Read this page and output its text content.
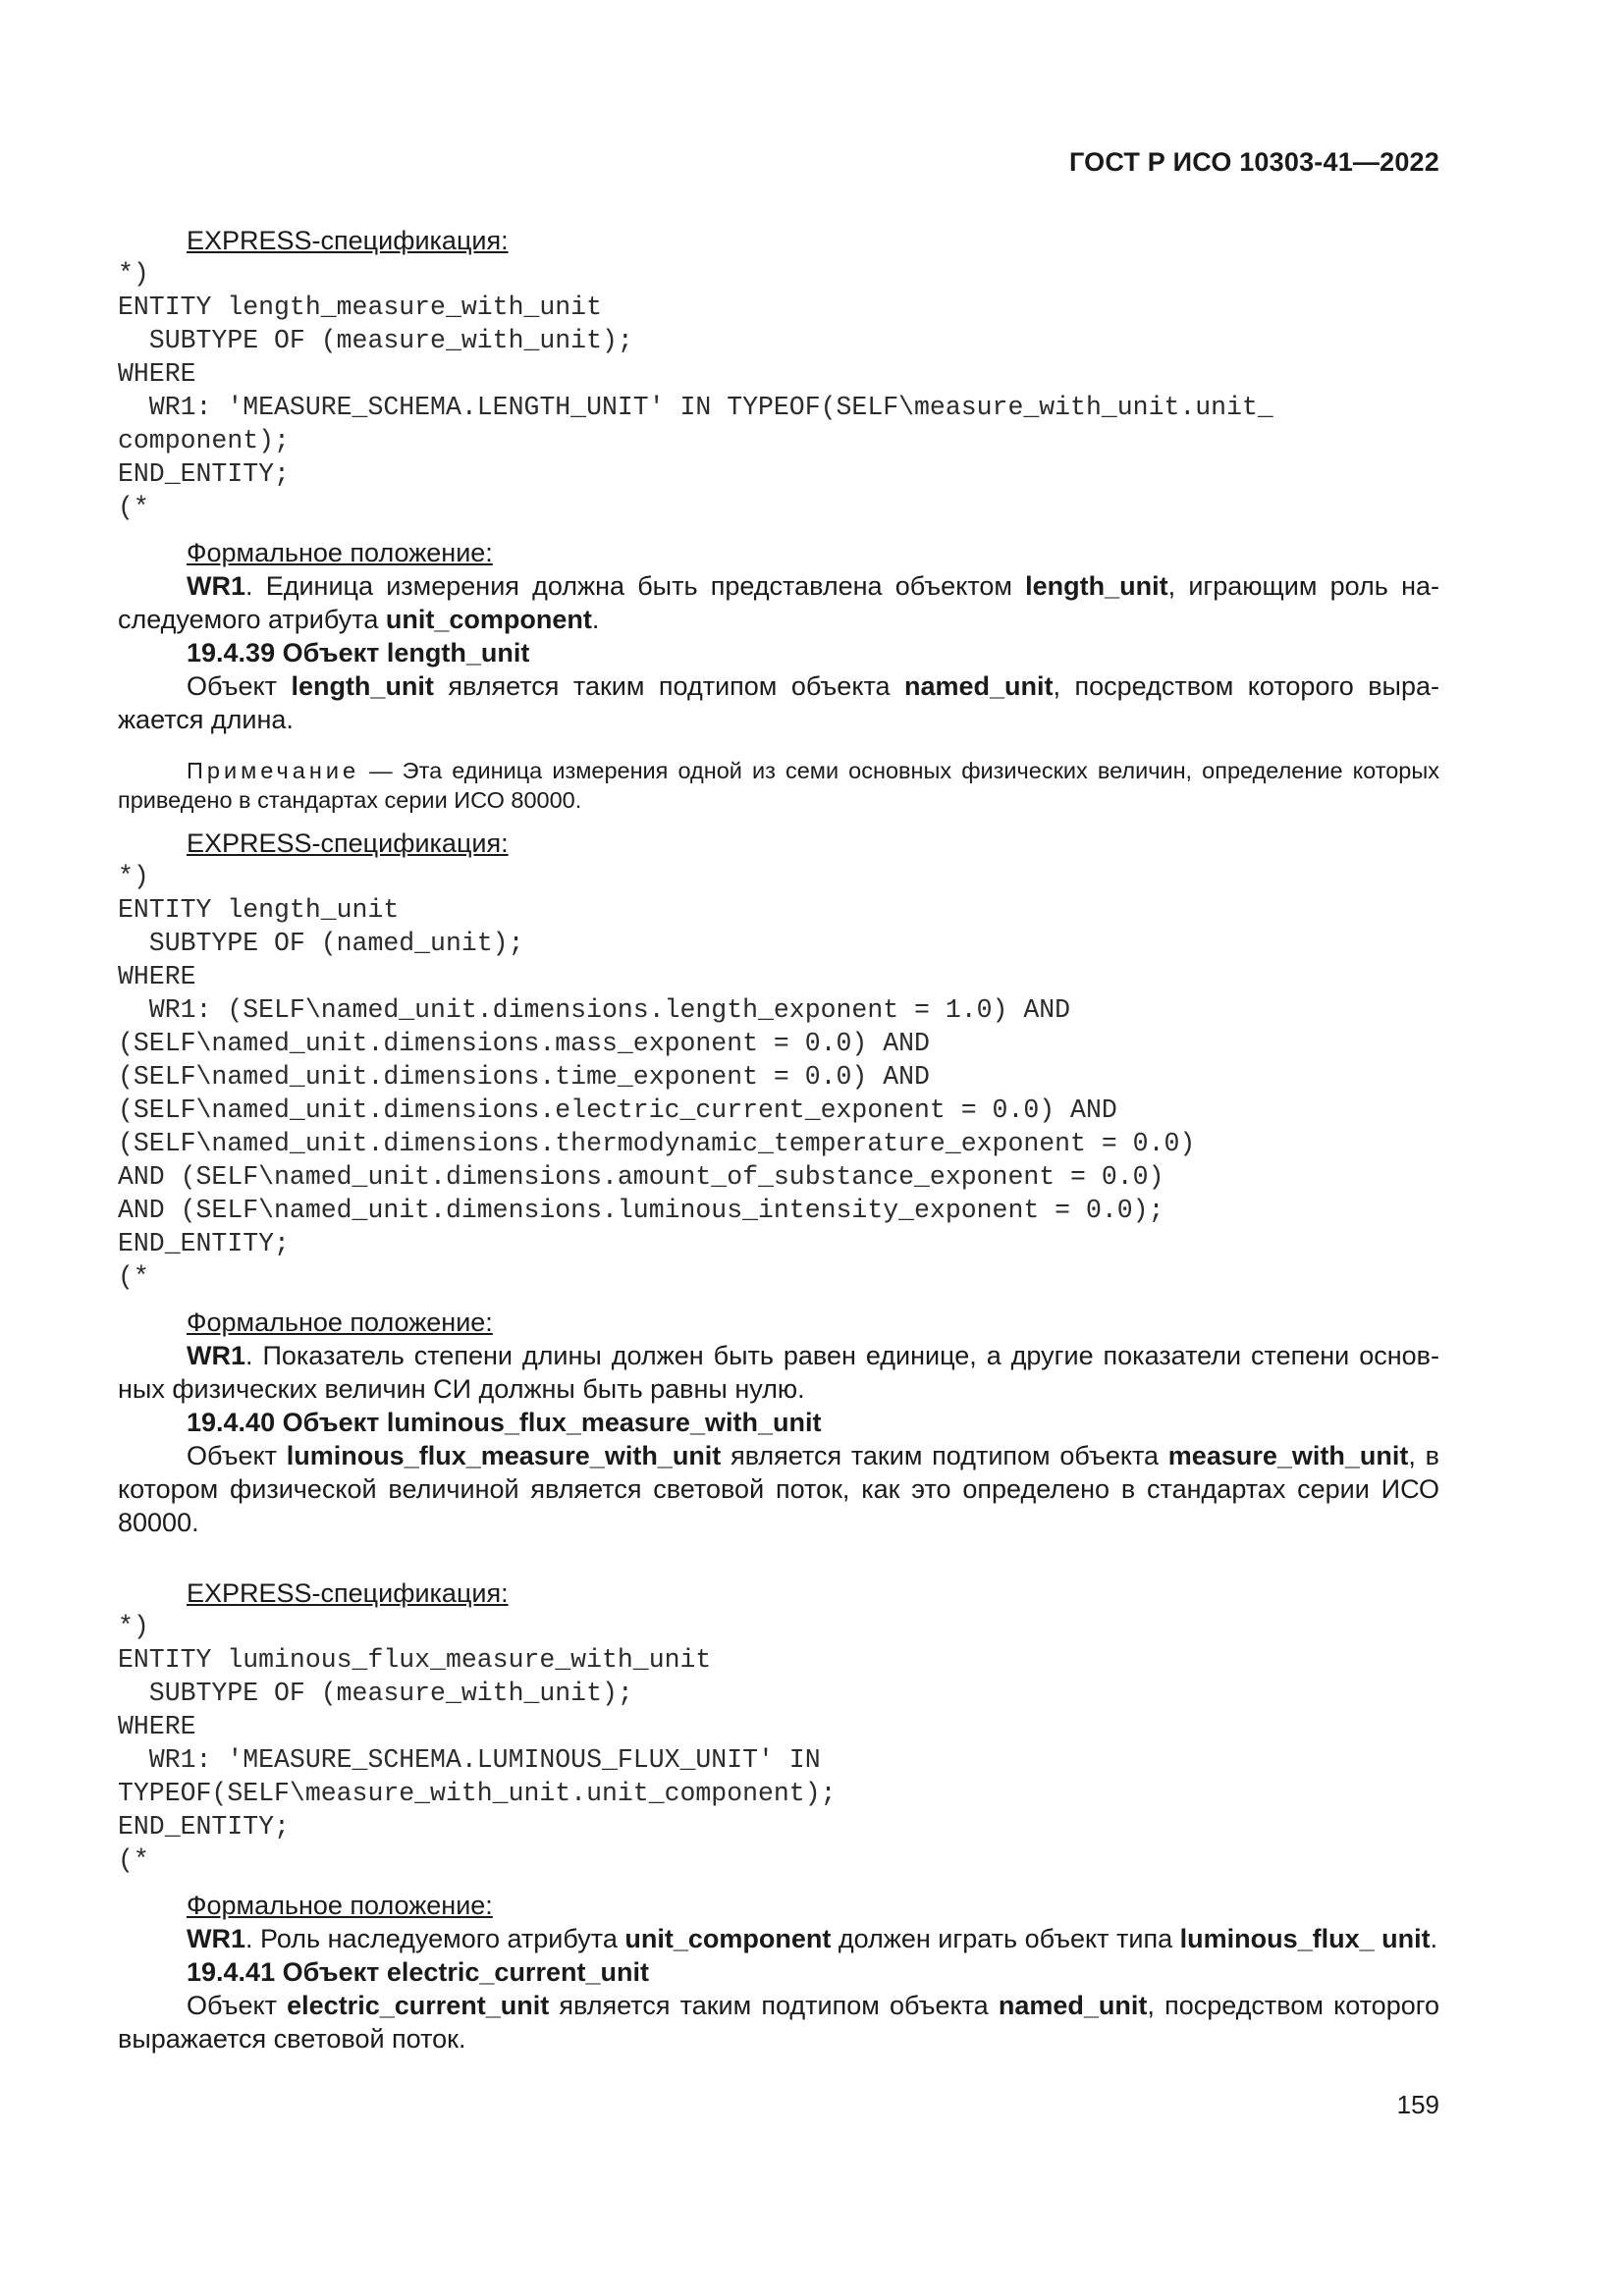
ГОСТ Р ИСО 10303-41—2022

EXPRESS-спецификация:

*)
ENTITY length_measure_with_unit
SUBTYPE OF (measure_with_unit);
WHERE
WR1: 'MEASURE_SCHEMA.LENGTH_UNIT' IN TYPEOF(SELF\measure_with_unit.unit_
component);
END_ENTITY;
(*

Формальное положение:

WR1. Единица измерения должна быть представлена объектом length_unit, играющим роль наследуемого атрибута unit_component.

19.4.39 Объект length_unit

Объект length_unit является таким подтипом объекта named_unit, посредством которого выражается длина.

Примечание — Эта единица измерения одной из семи основных физических величин, определение которых приведено в стандартах серии ИСО 80000.

EXPRESS-спецификация:

*)
ENTITY length_unit
SUBTYPE OF (named_unit);
WHERE
WR1: (SELF\named_unit.dimensions.length_exponent = 1.0) AND
(SELF\named_unit.dimensions.mass_exponent = 0.0) AND
(SELF\named_unit.dimensions.time_exponent = 0.0) AND
(SELF\named_unit.dimensions.electric_current_exponent = 0.0) AND
(SELF\named_unit.dimensions.thermodynamic_temperature_exponent = 0.0)
AND (SELF\named_unit.dimensions.amount_of_substance_exponent = 0.0)
AND (SELF\named_unit.dimensions.luminous_intensity_exponent = 0.0);
END_ENTITY;
(*

Формальное положение:

WR1. Показатель степени длины должен быть равен единице, а другие показатели степени основных физических величин СИ должны быть равны нулю.

19.4.40 Объект luminous_flux_measure_with_unit

Объект luminous_flux_measure_with_unit является таким подтипом объекта measure_with_unit, в котором физической величиной является световой поток, как это определено в стандартах серии ИСО 80000.

EXPRESS-спецификация:

*)
ENTITY luminous_flux_measure_with_unit
SUBTYPE OF (measure_with_unit);
WHERE
WR1: 'MEASURE_SCHEMA.LUMINOUS_FLUX_UNIT' IN
TYPEOF(SELF\measure_with_unit.unit_component);
END_ENTITY;
(*

Формальное положение:

WR1. Роль наследуемого атрибута unit_component должен играть объект типа luminous_flux_ unit.

19.4.41 Объект electric_current_unit

Объект electric_current_unit является таким подтипом объекта named_unit, посредством которого выражается световой поток.

159
